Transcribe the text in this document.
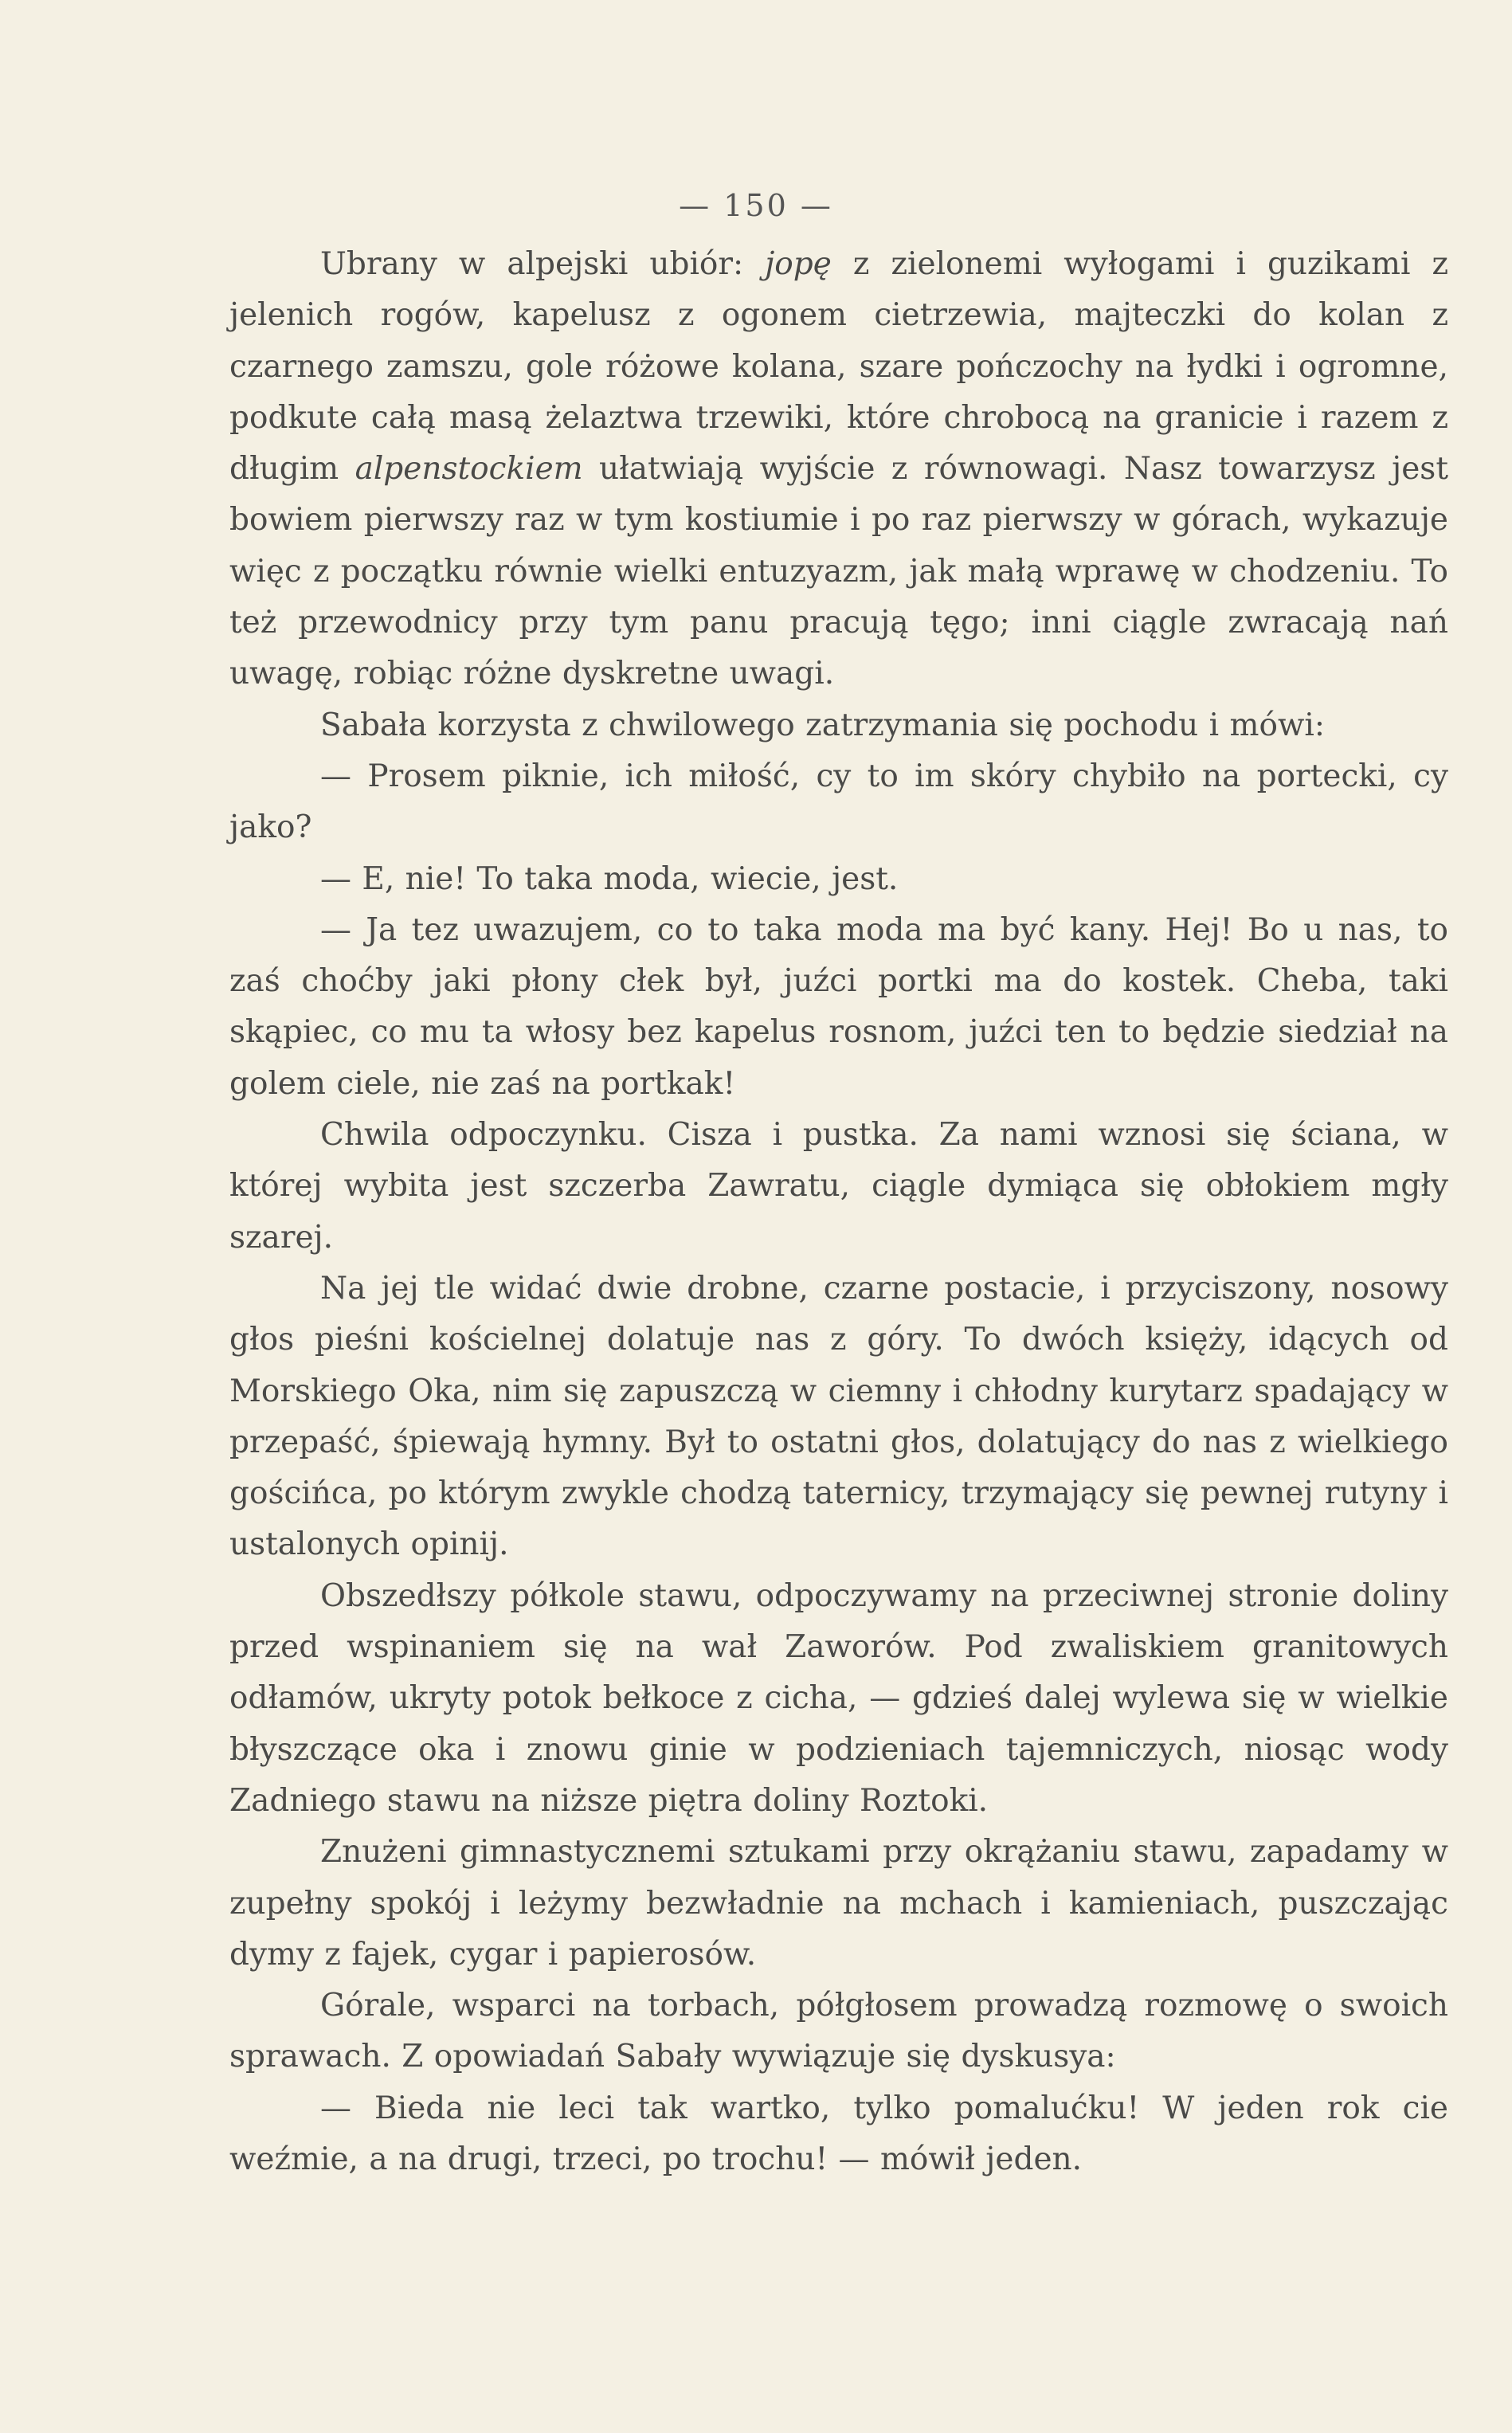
— 150 —

Ubrany w alpejski ubiór: jopę z zielonemi wyłogami i guzikami z jelenich rogów, kapelusz z ogonem cietrzewia, majteczki do kolan z czarnego zamszu, gole różowe kolana, szare pończochy na łydki i ogromne, podkute całą masą żelaztwa trzewiki, które chrobocą na granicie i razem z długim alpenstockiem ułatwiają wyjście z równowagi. Nasz towarzysz jest bowiem pierwszy raz w tym kostiumie i po raz pierwszy w górach, wykazuje więc z początku równie wielki entuzyazm, jak małą wprawę w chodzeniu. To też przewodnicy przy tym panu pracują tęgo; inni ciągle zwracają nań uwagę, robiąc różne dyskretne uwagi.

Sabała korzysta z chwilowego zatrzymania się pochodu i mówi:

— Prosem piknie, ich miłość, cy to im skóry chybiło na portecki, cy jako?

— E, nie! To taka moda, wiecie, jest.

— Ja tez uwazujem, co to taka moda ma być kany. Hej! Bo u nas, to zaś choćby jaki płony cłek był, juźci portki ma do kostek. Cheba, taki skąpiec, co mu ta włosy bez kapelus rosnom, juźci ten to będzie siedział na golem ciele, nie zaś na portkak!

Chwila odpoczynku. Cisza i pustka. Za nami wznosi się ściana, w której wybita jest szczerba Zawratu, ciągle dymiąca się obłokiem mgły szarej.

Na jej tle widać dwie drobne, czarne postacie, i przyciszony, nosowy głos pieśni kościelnej dolatuje nas z góry. To dwóch księży, idących od Morskiego Oka, nim się zapuszczą w ciemny i chłodny kurytarz spadający w przepaść, śpiewają hymny. Był to ostatni głos, dolatujący do nas z wielkiego gościńca, po którym zwykle chodzą taternicy, trzymający się pewnej rutyny i ustalonych opinij.

Obszedłszy półkole stawu, odpoczywamy na przeciwnej stronie doliny przed wspinaniem się na wał Zaworów. Pod zwaliskiem granitowych odłamów, ukryty potok bełkoce z cicha, — gdzieś dalej wylewa się w wielkie błyszczące oka i znowu ginie w podzieniach tajemniczych, niosąc wody Zadniego stawu na niższe piętra doliny Roztoki.

Znużeni gimnastycznemi sztukami przy okrążaniu stawu, zapadamy w zupełny spokój i leżymy bezwładnie na mchach i kamieniach, puszczając dymy z fajek, cygar i papierosów.

Górale, wsparci na torbach, półgłosem prowadzą rozmowę o swoich sprawach. Z opowiadań Sabały wywiązuje się dyskusya:

— Bieda nie leci tak wartko, tylko pomalućku! W jeden rok cie weźmie, a na drugi, trzeci, po trochu! — mówił jeden.
